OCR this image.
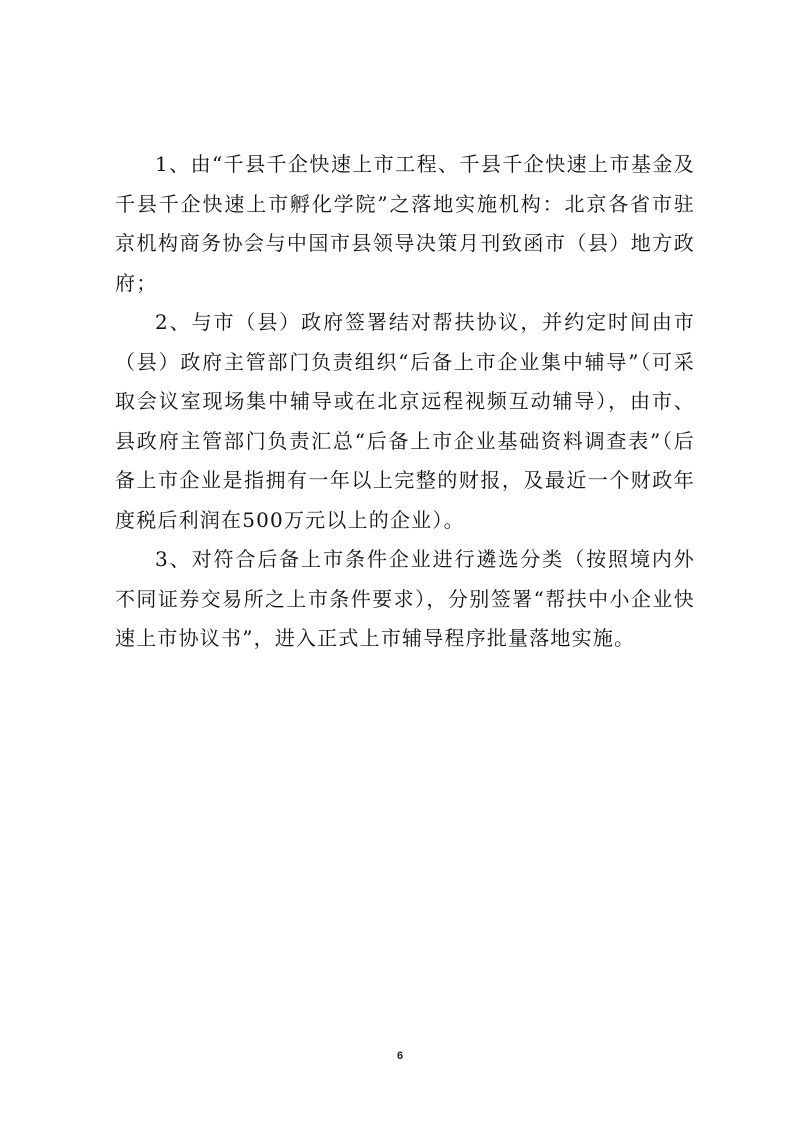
1、由“千县千企快速上市工程、千县千企快速上市基金及千县千企快速上市孵化学院”之落地实施机构：北京各省市驻京机构商务协会与中国市县领导决策月刊致函市（县）地方政府；

2、与市（县）政府签署结对帮扶协议，并约定时间由市（县）政府主管部门负责组织“后备上市企业集中辅导”（可采取会议室现场集中辅导或在北京远程视频互动辅导），由市、县政府主管部门负责汇总“后备上市企业基础资料调查表”（后备上市企业是指拥有一年以上完整的财报，及最近一个财政年度税后利润在500万元以上的企业）。

3、对符合后备上市条件企业进行遴选分类（按照境内外不同证券交易所之上市条件要求），分别签署“帮扶中小企业快速上市协议书”，进入正式上市辅导程序批量落地实施。

6
